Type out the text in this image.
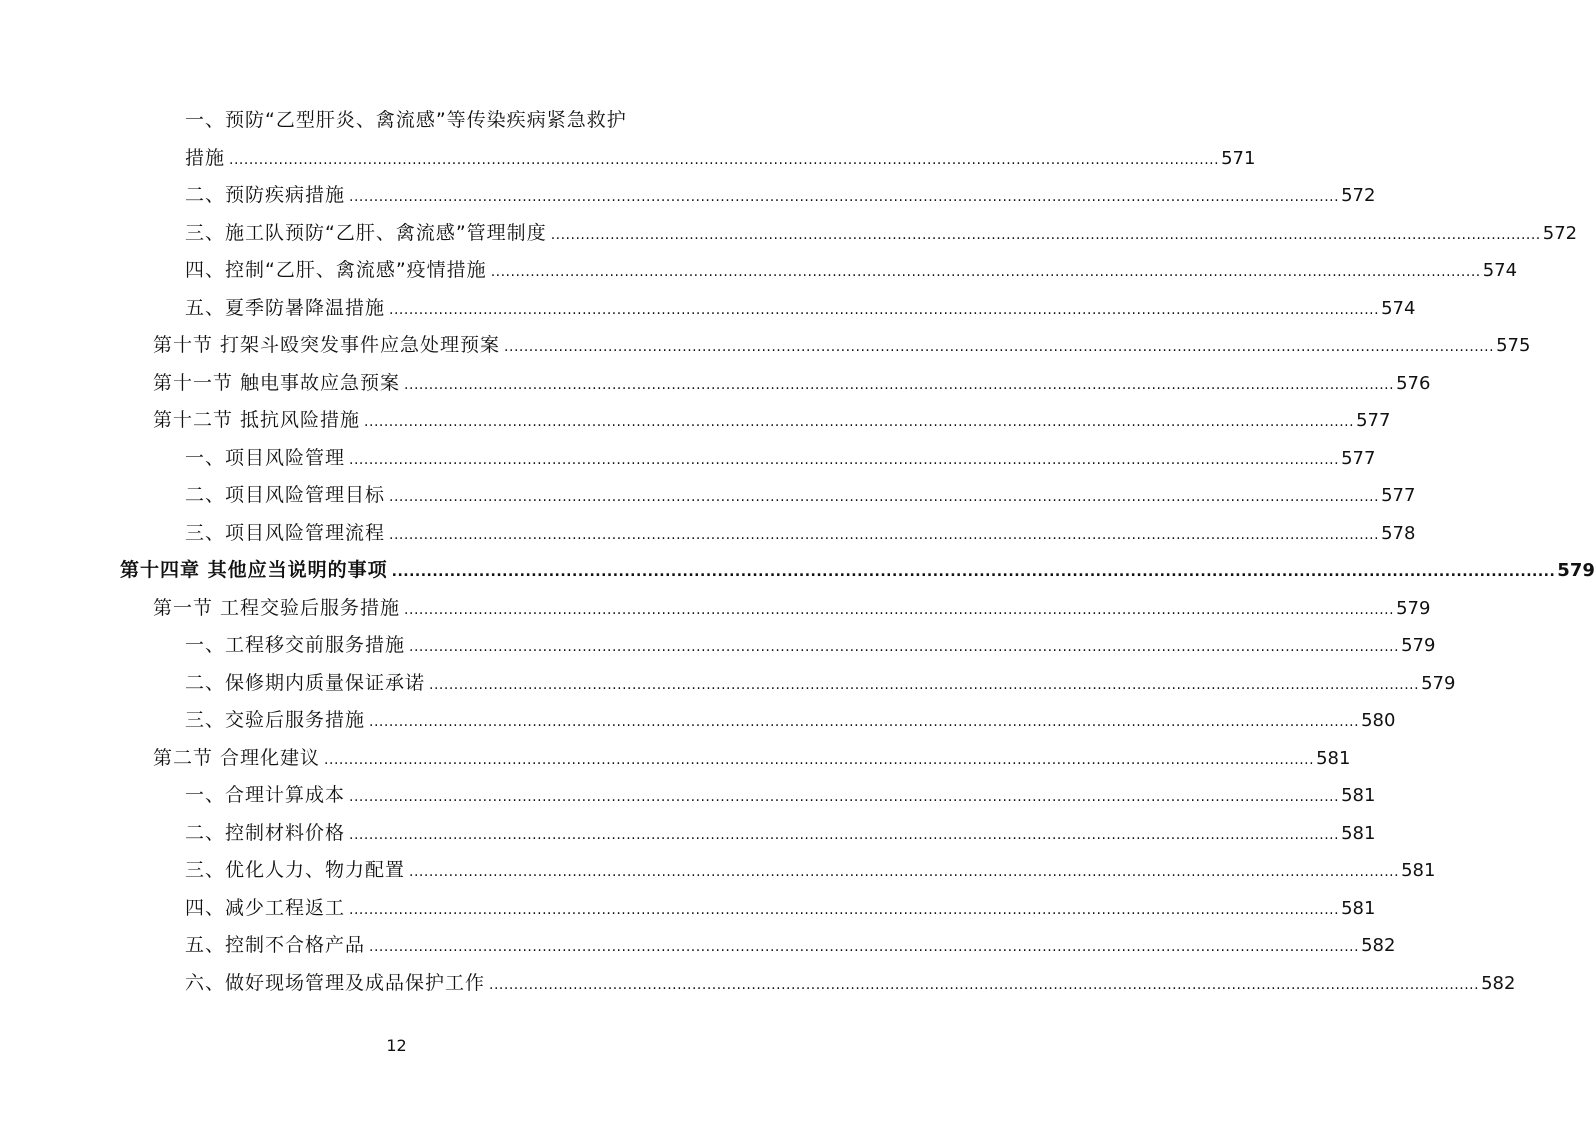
一、预防“乙型肝炎、禽流感”等传染疾病紧急救护
措施 ........................................................................................................................................................................................................ 571
二、预防疾病措施 ........................................................................................................................................................................................................ 572
三、施工队预防“乙肝、禽流感”管理制度 ........................................................................................................................................................................................................ 572
四、控制“乙肝、禽流感”疫情措施 ........................................................................................................................................................................................................ 574
五、夏季防暑降温措施 ........................................................................................................................................................................................................ 574
第十节 打架斗殴突发事件应急处理预案 ........................................................................................................................................................................................................ 575
第十一节 触电事故应急预案 ........................................................................................................................................................................................................ 576
第十二节 抵抗风险措施 ........................................................................................................................................................................................................ 577
一、项目风险管理 ........................................................................................................................................................................................................ 577
二、项目风险管理目标 ........................................................................................................................................................................................................ 577
三、项目风险管理流程 ........................................................................................................................................................................................................ 578
第十四章 其他应当说明的事项 ........................................................................................................................................................................................................ 579
第一节 工程交验后服务措施 ........................................................................................................................................................................................................ 579
一、工程移交前服务措施 ........................................................................................................................................................................................................ 579
二、保修期内质量保证承诺 ........................................................................................................................................................................................................ 579
三、交验后服务措施 ........................................................................................................................................................................................................ 580
第二节 合理化建议 ........................................................................................................................................................................................................ 581
一、合理计算成本 ........................................................................................................................................................................................................ 581
二、控制材料价格 ........................................................................................................................................................................................................ 581
三、优化人力、物力配置 ........................................................................................................................................................................................................ 581
四、减少工程返工 ........................................................................................................................................................................................................ 581
五、控制不合格产品 ........................................................................................................................................................................................................ 582
六、做好现场管理及成品保护工作 ........................................................................................................................................................................................................ 582
12
